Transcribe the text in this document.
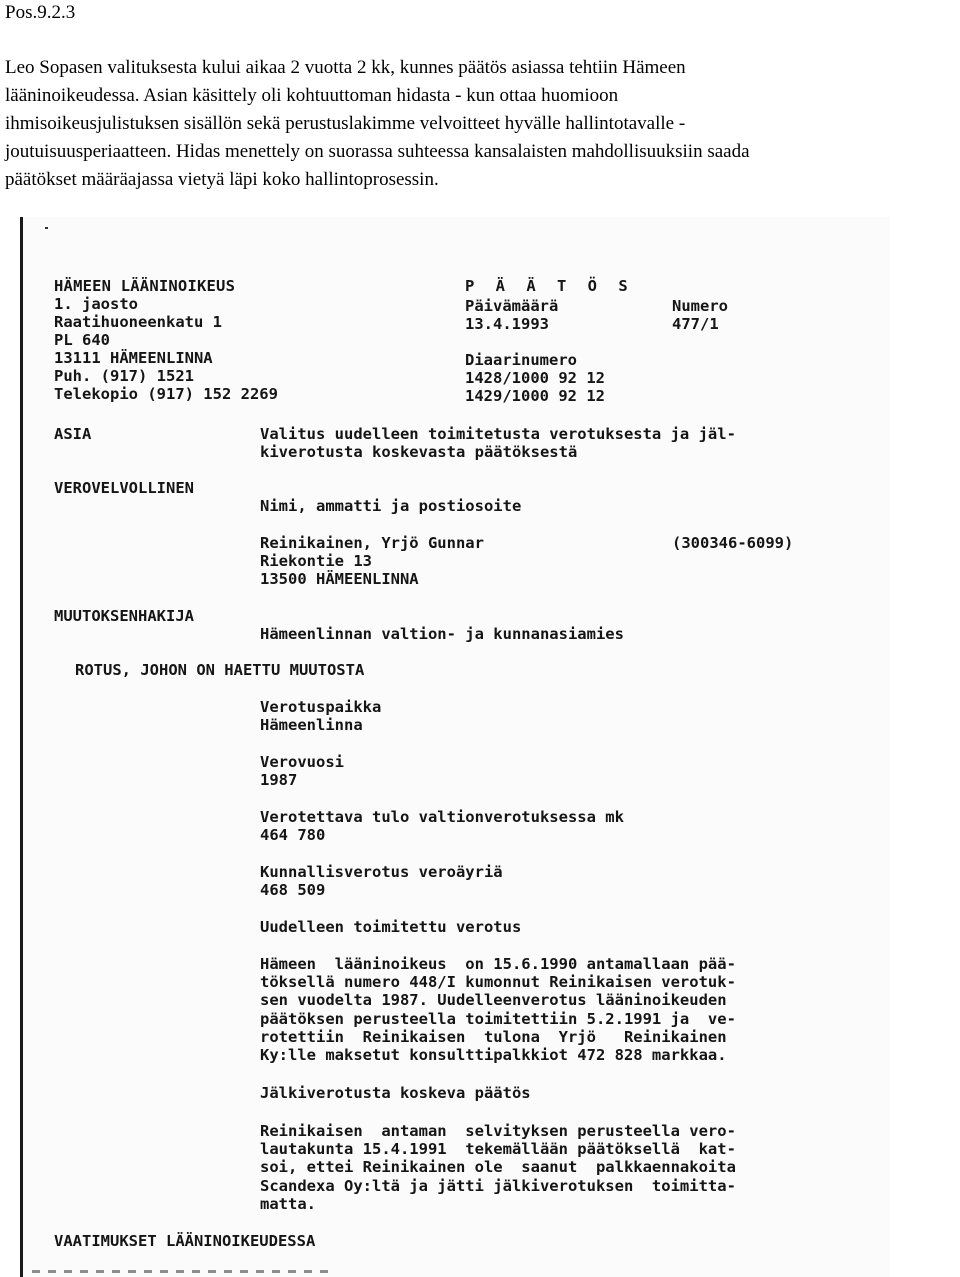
Pos.9.2.3

Leo Sopasen valituksesta kului aikaa 2 vuotta 2 kk, kunnes päätös asiassa tehtiin Hämeen

lääninoikeudessa. Asian käsittely oli kohtuuttoman hidasta - kun ottaa huomioon

ihmisoikeusjulistuksen sisällön sekä perustuslakimme velvoitteet hyvälle hallintotavalle -

joutuisuusperiaatteen. Hidas menettely on suorassa suhteessa kansalaisten mahdollisuuksiin saada

päätökset määräajassa vietyä läpi koko hallintoprosessin.

HÄMEEN LÄÄNINOIKEUS
1. jaosto
Raatihuoneenkatu 1
PL 640
13111 HÄMEENLINNA
Puh. (917) 1521
Telekopio (917) 152 2269
P Ä Ä T Ö S
Päivämäärä
13.4.1993
Numero
477/1
Diaarinumero
1428/1000 92 12
1429/1000 92 12
ASIA	Valitus uudelleen toimitetusta verotuksesta ja jäl-
kiverotusta koskevasta päätöksestä
VEROVELVOLLINEN
Nimi, ammatti ja postiosoite
Reinikainen, Yrjö Gunnar	(300346-6099)
Riekontie 13
13500 HÄMEENLINNA
MUUTOKSENHAKIJA
Hämeenlinnan valtion- ja kunnanasiamies
ROTUS, JOHON ON HAETTU MUUTOSTA
Verotuspaikka
Hämeenlinna
Verovuosi
1987
Verotettava tulo valtionverotuksessa mk
464 780
Kunnallisverotus veroäyriä
468 509
Uudelleen toimitettu verotus
Hämeen  lääninoikeus  on 15.6.1990 antamallaan pää-
töksellä numero 448/I kumonnut Reinikaisen verotuk-
sen vuodelta 1987. Uudelleenverotus lääninoikeuden
päätöksen perusteella toimitettiin 5.2.1991 ja  ve-
rotettiin  Reinikaisen  tulona  Yrjö   Reinikainen
Ky:lle maksetut konsulttipalkkiot 472 828 markkaa.
Jälkiverotusta koskeva päätös
Reinikaisen  antaman  selvityksen perusteella vero-
lautakunta 15.4.1991  tekemällään päätöksellä  kat-
soi, ettei Reinikainen ole  saanut  palkkaennakoita
Scandexa Oy:ltä ja jätti jälkiverotuksen  toimitta-
matta.
VAATIMUKSET LÄÄNINOIKEUDESSA
